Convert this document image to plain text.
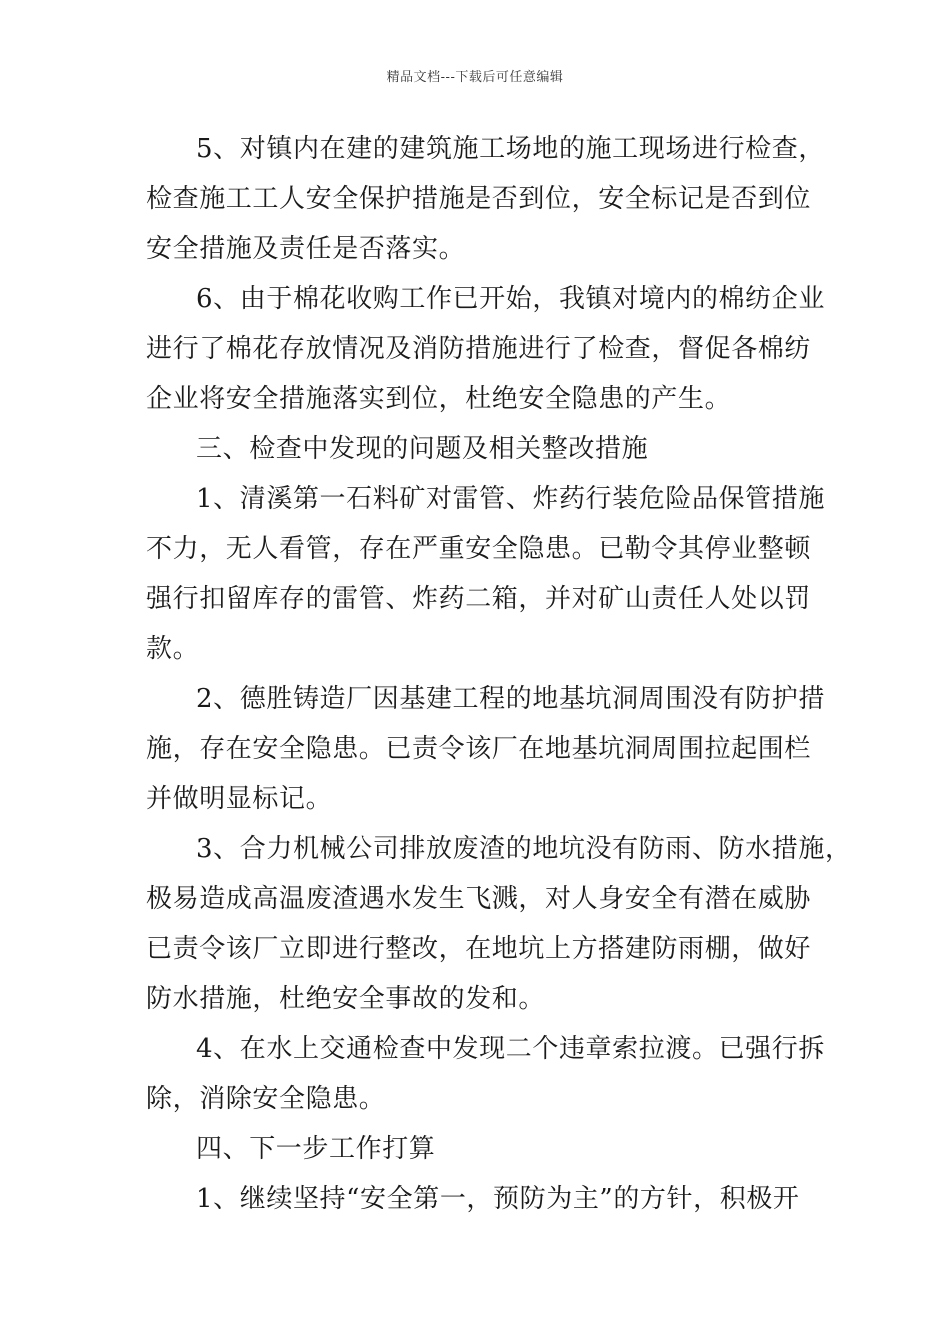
精品文档---下载后可任意编辑
5、对镇内在建的建筑施工场地的施工现场进行检查，
检查施工工人安全保护措施是否到位，安全标记是否到位
安全措施及责任是否落实。
6、由于棉花收购工作已开始，我镇对境内的棉纺企业
进行了棉花存放情况及消防措施进行了检查，督促各棉纺
企业将安全措施落实到位，杜绝安全隐患的产生。
三、检查中发现的问题及相关整改措施
1、清溪第一石料矿对雷管、炸药行装危险品保管措施
不力，无人看管，存在严重安全隐患。已勒令其停业整顿
强行扣留库存的雷管、炸药二箱，并对矿山责任人处以罚
款。
2、德胜铸造厂因基建工程的地基坑洞周围没有防护措
施，存在安全隐患。已责令该厂在地基坑洞周围拉起围栏
并做明显标记。
3、合力机械公司排放废渣的地坑没有防雨、防水措施，
极易造成高温废渣遇水发生飞溅，对人身安全有潜在威胁
已责令该厂立即进行整改，在地坑上方搭建防雨棚，做好
防水措施，杜绝安全事故的发和。
4、在水上交通检查中发现二个违章索拉渡。已强行拆
除，消除安全隐患。
四、下一步工作打算
1、继续坚持“安全第一，预防为主”的方针，积极开
